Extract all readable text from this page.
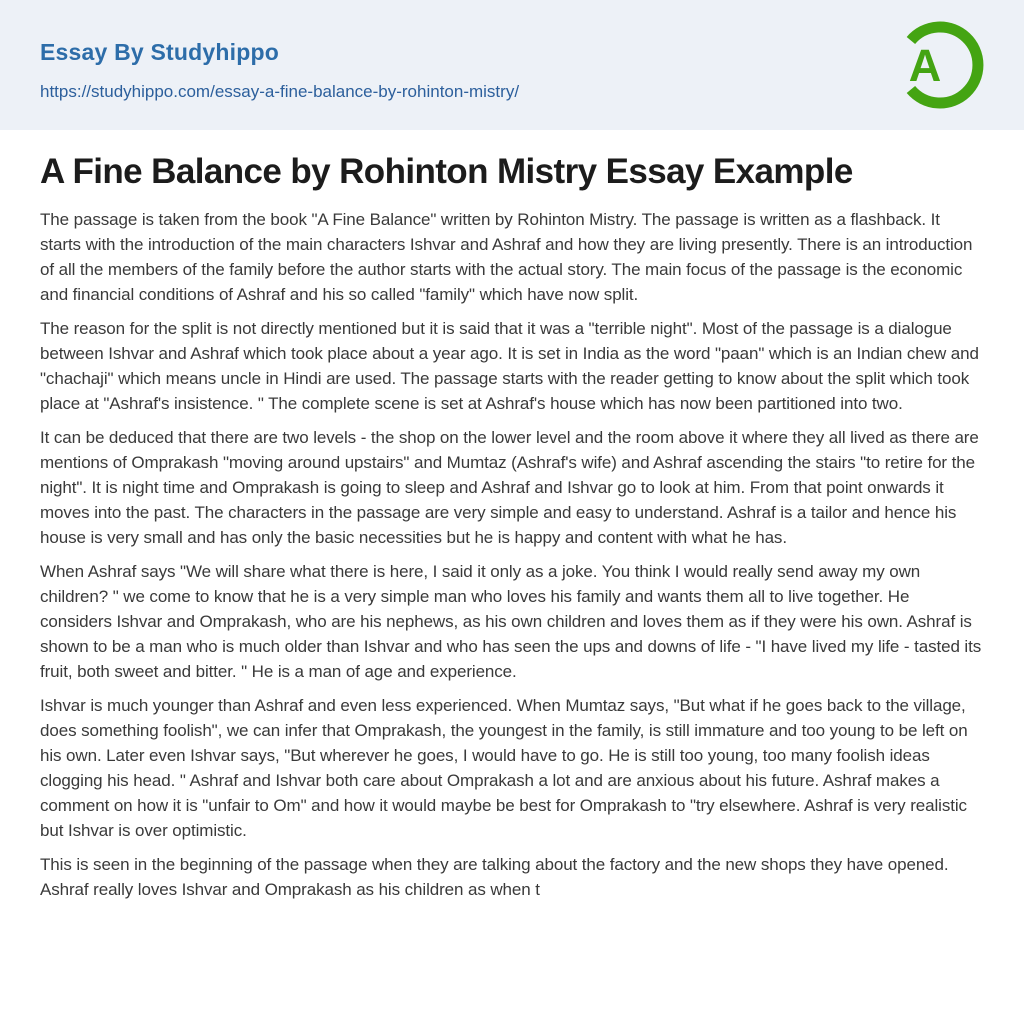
Essay By Studyhippo
https://studyhippo.com/essay-a-fine-balance-by-rohinton-mistry/	A
A Fine Balance by Rohinton Mistry Essay Example

The passage is taken from the book "A Fine Balance" written by Rohinton Mistry. The passage is written as a flashback. It starts with the introduction of the main characters Ishvar and Ashraf and how they are living presently. There is an introduction of all the members of the family before the author starts with the actual story. The main focus of the passage is the economic and financial conditions of Ashraf and his so called "family" which have now split.

The reason for the split is not directly mentioned but it is said that it was a "terrible night". Most of the passage is a dialogue between Ishvar and Ashraf which took place about a year ago. It is set in India as the word "paan" which is an Indian chew and "chachaji" which means uncle in Hindi are used. The passage starts with the reader getting to know about the split which took place at "Ashraf's insistence. " The complete scene is set at Ashraf's house which has now been partitioned into two.

It can be deduced that there are two levels - the shop on the lower level and the room above it where they all lived as there are mentions of Omprakash "moving around upstairs" and Mumtaz (Ashraf's wife) and Ashraf ascending the stairs "to retire for the night". It is night time and Omprakash is going to sleep and Ashraf and Ishvar go to look at him. From that point onwards it moves into the past. The characters in the passage are very simple and easy to understand. Ashraf is a tailor and hence his house is very small and has only the basic necessities but he is happy and content with what he has.

When Ashraf says "We will share what there is here, I said it only as a joke. You think I would really send away my own children? " we come to know that he is a very simple man who loves his family and wants them all to live together. He considers Ishvar and Omprakash, who are his nephews, as his own children and loves them as if they were his own. Ashraf is shown to be a man who is much older than Ishvar and who has seen the ups and downs of life - "I have lived my life - tasted its fruit, both sweet and bitter. " He is a man of age and experience.

Ishvar is much younger than Ashraf and even less experienced. When Mumtaz says, "But what if he goes back to the village, does something foolish", we can infer that Omprakash, the youngest in the family, is still immature and too young to be left on his own. Later even Ishvar says, "But wherever he goes, I would have to go. He is still too young, too many foolish ideas clogging his head. " Ashraf and Ishvar both care about Omprakash a lot and are anxious about his future. Ashraf makes a comment on how it is "unfair to Om" and how it would maybe be best for Omprakash to "try elsewhere. Ashraf is very realistic but Ishvar is over optimistic.

This is seen in the beginning of the passage when they are talking about the factory and the new shops they have opened. Ashraf really loves Ishvar and Omprakash as his children as when t
